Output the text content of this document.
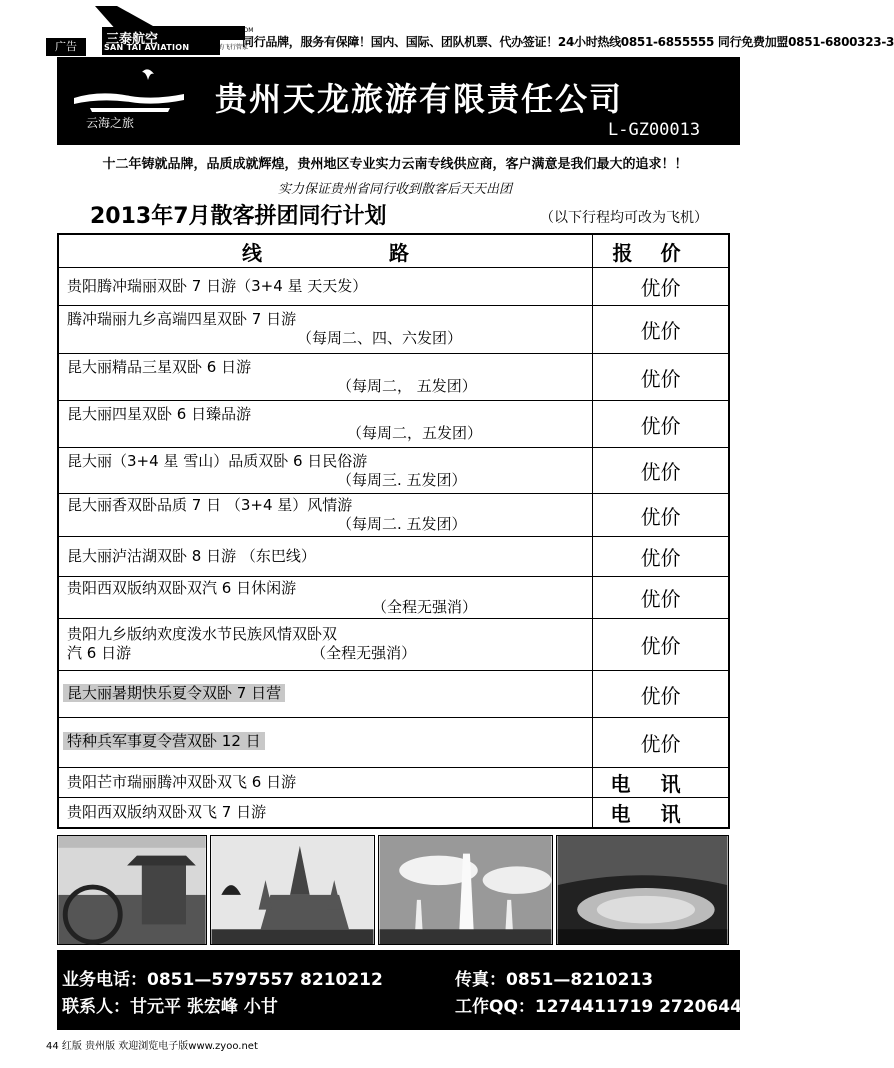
广告	三泰航空
SAN TAI AVIATION
WWW.SANTAIGY.COM
您身边的飞行管家
同行品牌，服务有保障！国内、国际、团队机票、代办签证！24小时热线0851-6855555 同行免费加盟0851-6800323-3
云海之旅
贵州天龙旅游有限责任公司
L-GZ00013
十二年铸就品牌，品质成就辉煌，贵州地区专业实力云南专线供应商，客户满意是我们最大的追求！！
实力保证贵州省同行收到散客后天天出团
2013年7月散客拼团同行计划	（以下行程均可改为飞机）
线 路	报价
贵阳腾冲瑞丽双卧 7 日游（3+4 星 天天发）	优价
腾冲瑞丽九乡高端四星双卧 7 日游
（每周二、四、六发团）	优价
昆大丽精品三星双卧 6 日游
（每周二， 五发团）	优价
昆大丽四星双卧 6 日臻品游
（每周二，五发团）	优价
昆大丽（3+4 星 雪山）品质双卧 6 日民俗游
（每周三. 五发团）	优价
昆大丽香双卧品质 7 日 （3+4 星）风情游
（每周二. 五发团）	优价
昆大丽泸沽湖双卧 8 日游 （东巴线）	优价
贵阳西双版纳双卧双汽 6 日休闲游
（全程无强消）	优价
贵阳九乡版纳欢度泼水节民族风情双卧双
汽 6 日游	（全程无强消）	优价
昆大丽暑期快乐夏令双卧 7 日营	优价
特种兵军事夏令营双卧 12 日	优价
贵阳芒市瑞丽腾冲双卧双飞 6 日游	电讯
贵阳西双版纳双卧双飞 7 日游	电讯
业务电话：0851—5797557 8210212	传真：0851—8210213
联系人：甘元平 张宏峰 小甘	工作QQ：1274411719 272064462
44 红版 贵州版 欢迎浏览电子版www.zyoo.net
